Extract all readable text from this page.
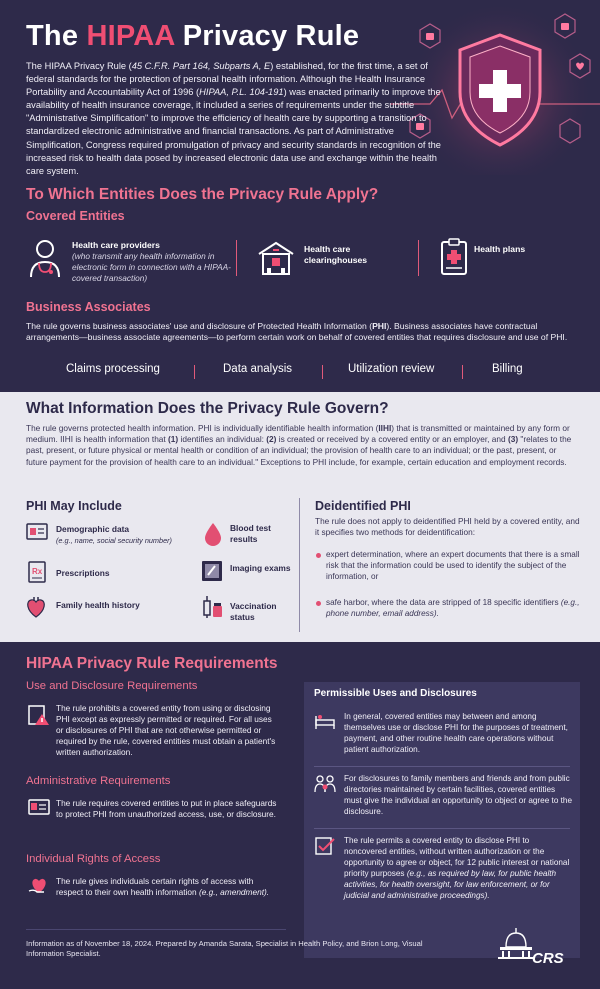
The HIPAA Privacy Rule
The HIPAA Privacy Rule (45 C.F.R. Part 164, Subparts A, E) established, for the first time, a set of federal standards for the protection of personal health information. Although the Health Insurance Portability and Accountability Act of 1996 (HIPAA, P.L. 104-191) was enacted primarily to improve the availability of health insurance coverage, it included a series of requirements under the subtitle "Administrative Simplification" to improve the efficiency of health care by supporting a transition to standardized electronic administrative and financial transactions. As part of Administrative Simplification, Congress required promulgation of privacy and security standards in recognition of the increased risk to health data posed by increased electronic data use and exchange within the health care system.
To Which Entities Does the Privacy Rule Apply?
Covered Entities
Health care providers
(who transmit any health information in electronic form in connection with a HIPAA-covered transaction)
Health care clearinghouses
Health plans
Business Associates
The rule governs business associates' use and disclosure of Protected Health Information (PHI). Business associates have contractual arrangements—business associate agreements—to perform certain work on behalf of covered entities that requires disclosure and use of PHI.
Claims processing	Data analysis	Utilization review	Billing
What Information Does the Privacy Rule Govern?
The rule governs protected health information. PHI is individually identifiable health information (IIHI) that is transmitted or maintained by any form or medium. IIHI is health information that (1) identifies an individual: (2) is created or received by a covered entity or an employer, and (3) "relates to the past, present, or future physical or mental health or condition of an individual; the provision of health care to an individual; or the past, present, or future payment for the provision of health care to an individual." Exceptions to PHI include, for example, certain education and employment records.
PHI May Include
Demographic data
(e.g., name, social security number)
Rx Prescriptions
Family health history
Blood test results
Imaging exams
Vaccination status
Deidentified PHI
The rule does not apply to deidentified PHI held by a covered entity, and it specifies two methods for deidentification:
expert determination, where an expert documents that there is a small risk that the information could be used to identify the subject of the information, or
safe harbor, where the data are stripped of 18 specific identifiers (e.g., phone number, email address).
HIPAA Privacy Rule Requirements
Use and Disclosure Requirements
The rule prohibits a covered entity from using or disclosing PHI except as expressly permitted or required. For all uses or disclosures of PHI that are not otherwise permitted or required by the rule, covered entities must obtain a patient's written authorization.
Administrative Requirements
The rule requires covered entities to put in place safeguards to protect PHI from unauthorized access, use, or disclosure.
Individual Rights of Access
The rule gives individuals certain rights of access with respect to their own health information (e.g., amendment).
Permissible Uses and Disclosures
In general, covered entities may between and among themselves use or disclose PHI for the purposes of treatment, payment, and other routine health care operations without patient authorization.
For disclosures to family members and friends and from public directories maintained by certain facilities, covered entities must give the individual an opportunity to object or agree to the disclosure.
The rule permits a covered entity to disclose PHI to noncovered entities, without written authorization or the opportunity to agree or object, for 12 public interest or national priority purposes (e.g., as required by law, for public health activities, for health oversight, for law enforcement, or for judicial and administrative proceedings).
Information as of November 18, 2024. Prepared by Amanda Sarata, Specialist in Health Policy, and Brion Long, Visual Information Specialist.	CRS
